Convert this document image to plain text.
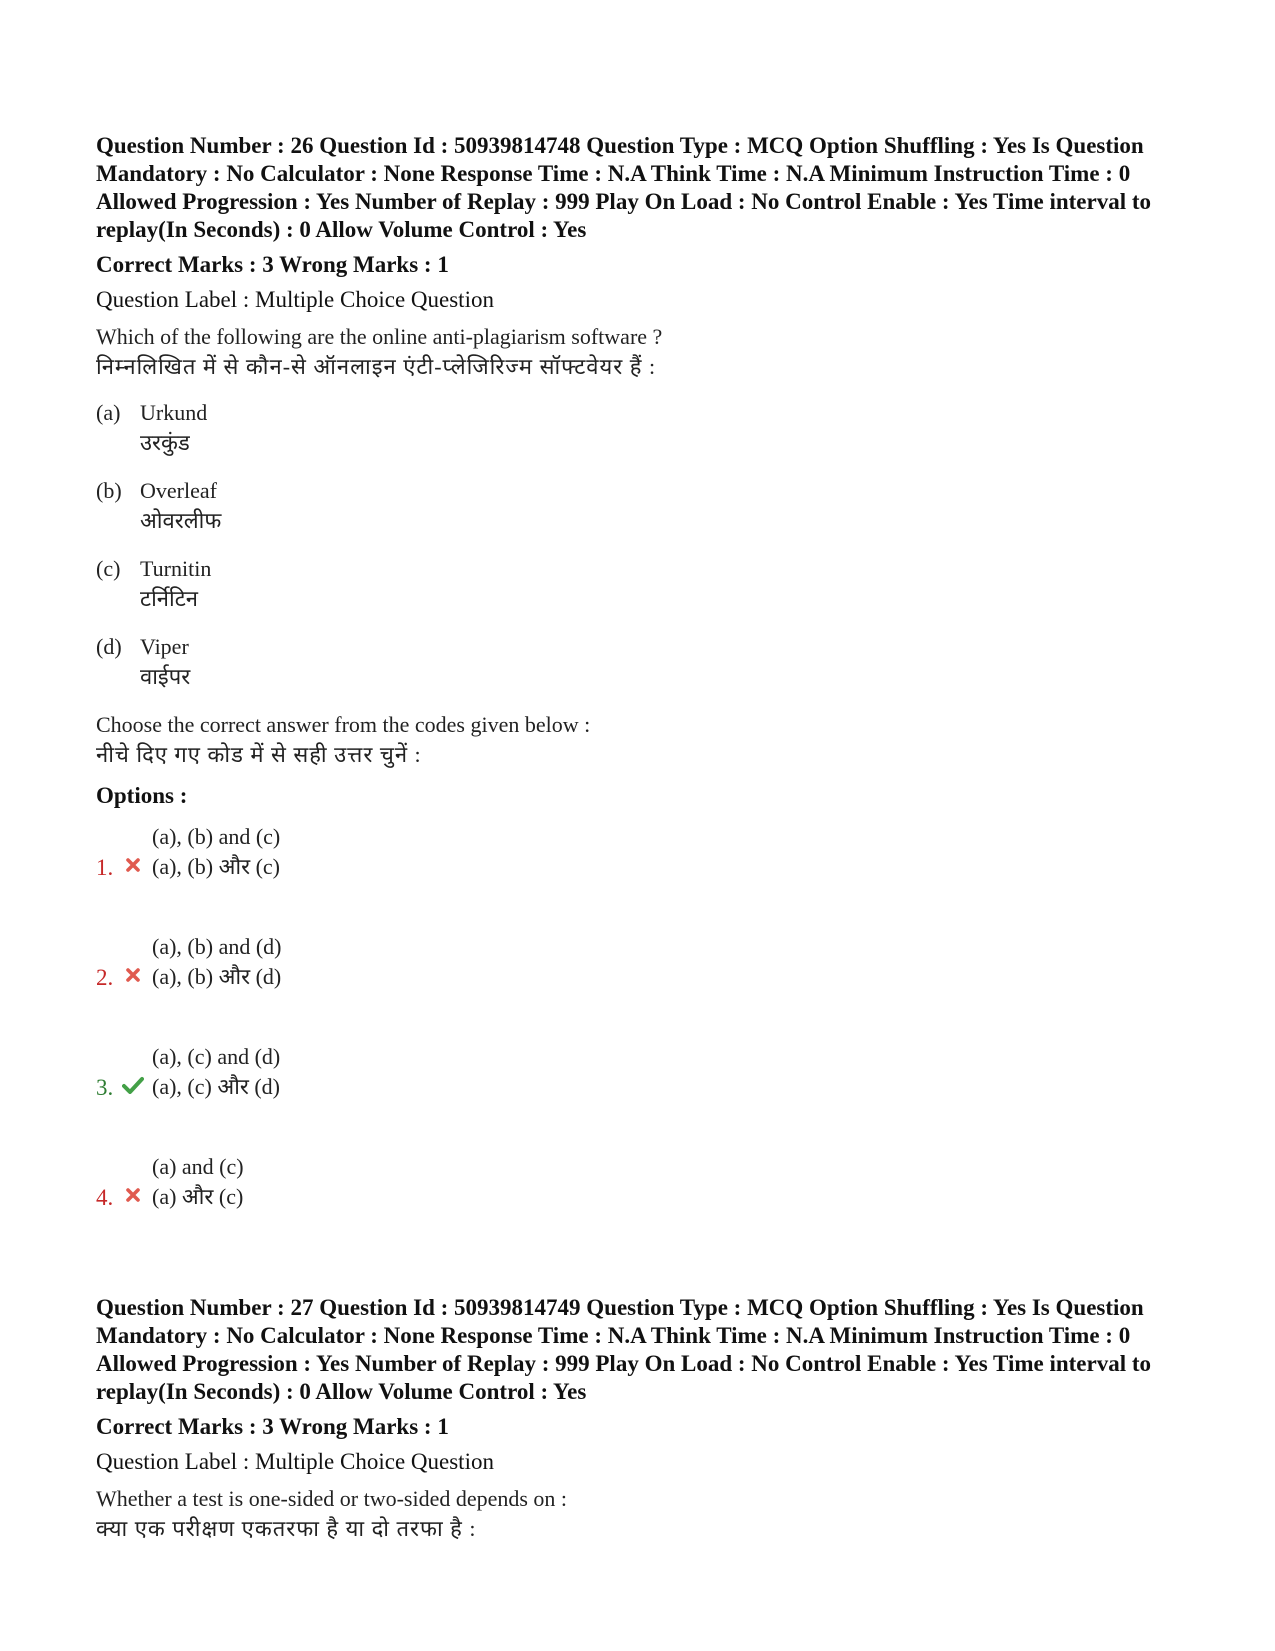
Question Number : 26 Question Id : 50939814748 Question Type : MCQ Option Shuffling : Yes Is Question Mandatory : No Calculator : None Response Time : N.A Think Time : N.A Minimum Instruction Time : 0 Allowed Progression : Yes Number of Replay : 999 Play On Load : No Control Enable : Yes Time interval to replay(In Seconds) : 0 Allow Volume Control : Yes

Correct Marks : 3 Wrong Marks : 1

Question Label : Multiple Choice Question

Which of the following are the online anti-plagiarism software ?
निम्नलिखित में से कौन-से ऑनलाइन एंटी-प्लेजिरिज्म सॉफ्टवेयर हैं :
(a) Urkund
उरकुंड
(b) Overleaf
ओवरलीफ
(c) Turnitin
टर्निटिन
(d) Viper
वाईपर
Choose the correct answer from the codes given below :
नीचे दिए गए कोड में से सही उत्तर चुनें :

Options :

1.
(a), (b) and (c)
(a), (b) और (c)
2.
(a), (b) and (d)
(a), (b) और (d)
3.
(a), (c) and (d)
(a), (c) और (d)
4.
(a) and (c)
(a) और (c)

Question Number : 27 Question Id : 50939814749 Question Type : MCQ Option Shuffling : Yes Is Question Mandatory : No Calculator : None Response Time : N.A Think Time : N.A Minimum Instruction Time : 0 Allowed Progression : Yes Number of Replay : 999 Play On Load : No Control Enable : Yes Time interval to replay(In Seconds) : 0 Allow Volume Control : Yes

Correct Marks : 3 Wrong Marks : 1

Question Label : Multiple Choice Question

Whether a test is one-sided or two-sided depends on :
क्या एक परीक्षण एकतरफा है या दो तरफा है :
